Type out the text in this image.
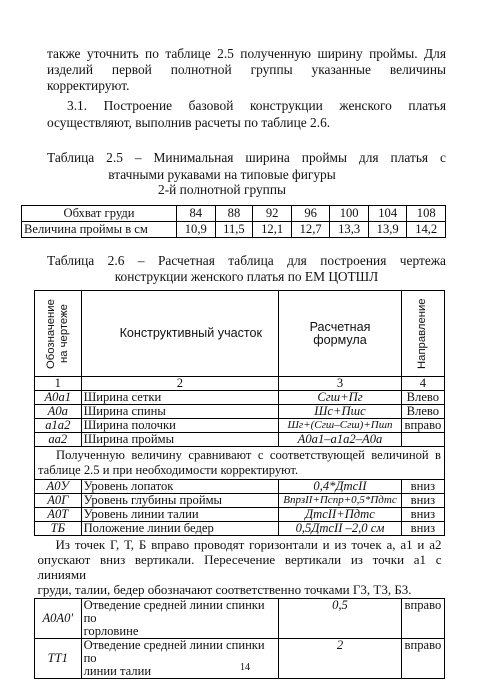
также уточнить по таблице 2.5 полученную ширину проймы. Для
изделий первой полнотной группы указанные величины
корректируют.
3.1. Построение базовой конструкции женского платья
осуществляют, выполнив расчеты по таблице 2.6.
Таблица 2.5 – Минимальная ширина проймы для платья с
втачными рукавами на типовые фигуры
2-й полнотной группы
Обхват груди	84	88	92	96	100	104	108
Величина проймы в см	10,9	11,5	12,1	12,7	13,3	13,9	14,2
Таблица 2.6 – Расчетная таблица для построения чертежа
конструкции женского платья по ЕМ ЦОТШЛ
Обозначение
на чертеже	Конструктивный участок	Расчетная формула	Направление

1	2	3	4
А0а1	Ширина сетки	Сгш+Пг	Влево
А0а	Ширина спины	Шс+Пшс	Влево
а1а2	Ширина полочки	Шг+(Сгш–Сгш)+Пшп	вправо
аа2	Ширина проймы	А0а1–а1а2–А0а	

Полученную величину сравнивают с соответствующей величиной в
таблице 2.5 и при необходимости корректируют.			

А0У	Уровень лопаток	0,4*ДтсII	вниз
А0Г	Уровень глубины проймы	ВпрзII+Пспр+0,5*Пдтс	вниз
А0Т	Уровень линии талии	ДтсII+Пдтс	вниз
ТБ	Положение линии бедер	0,5ДтсII –2,0 см	вниз

Из точек Г, Т, Б вправо проводят горизонтали и из точек а, а1 и а2
опускают вниз вертикали. Пересечение вертикали из точки а1 с линиями
груди, талии, бедер обозначают соответственно точками Г3, Т3, Б3.			

А0А0'	Отведение средней линии спинки по
горловине	0,5	вправо
ТТ1	Отведение средней линии спинки по
линии талии	2	вправо
14
